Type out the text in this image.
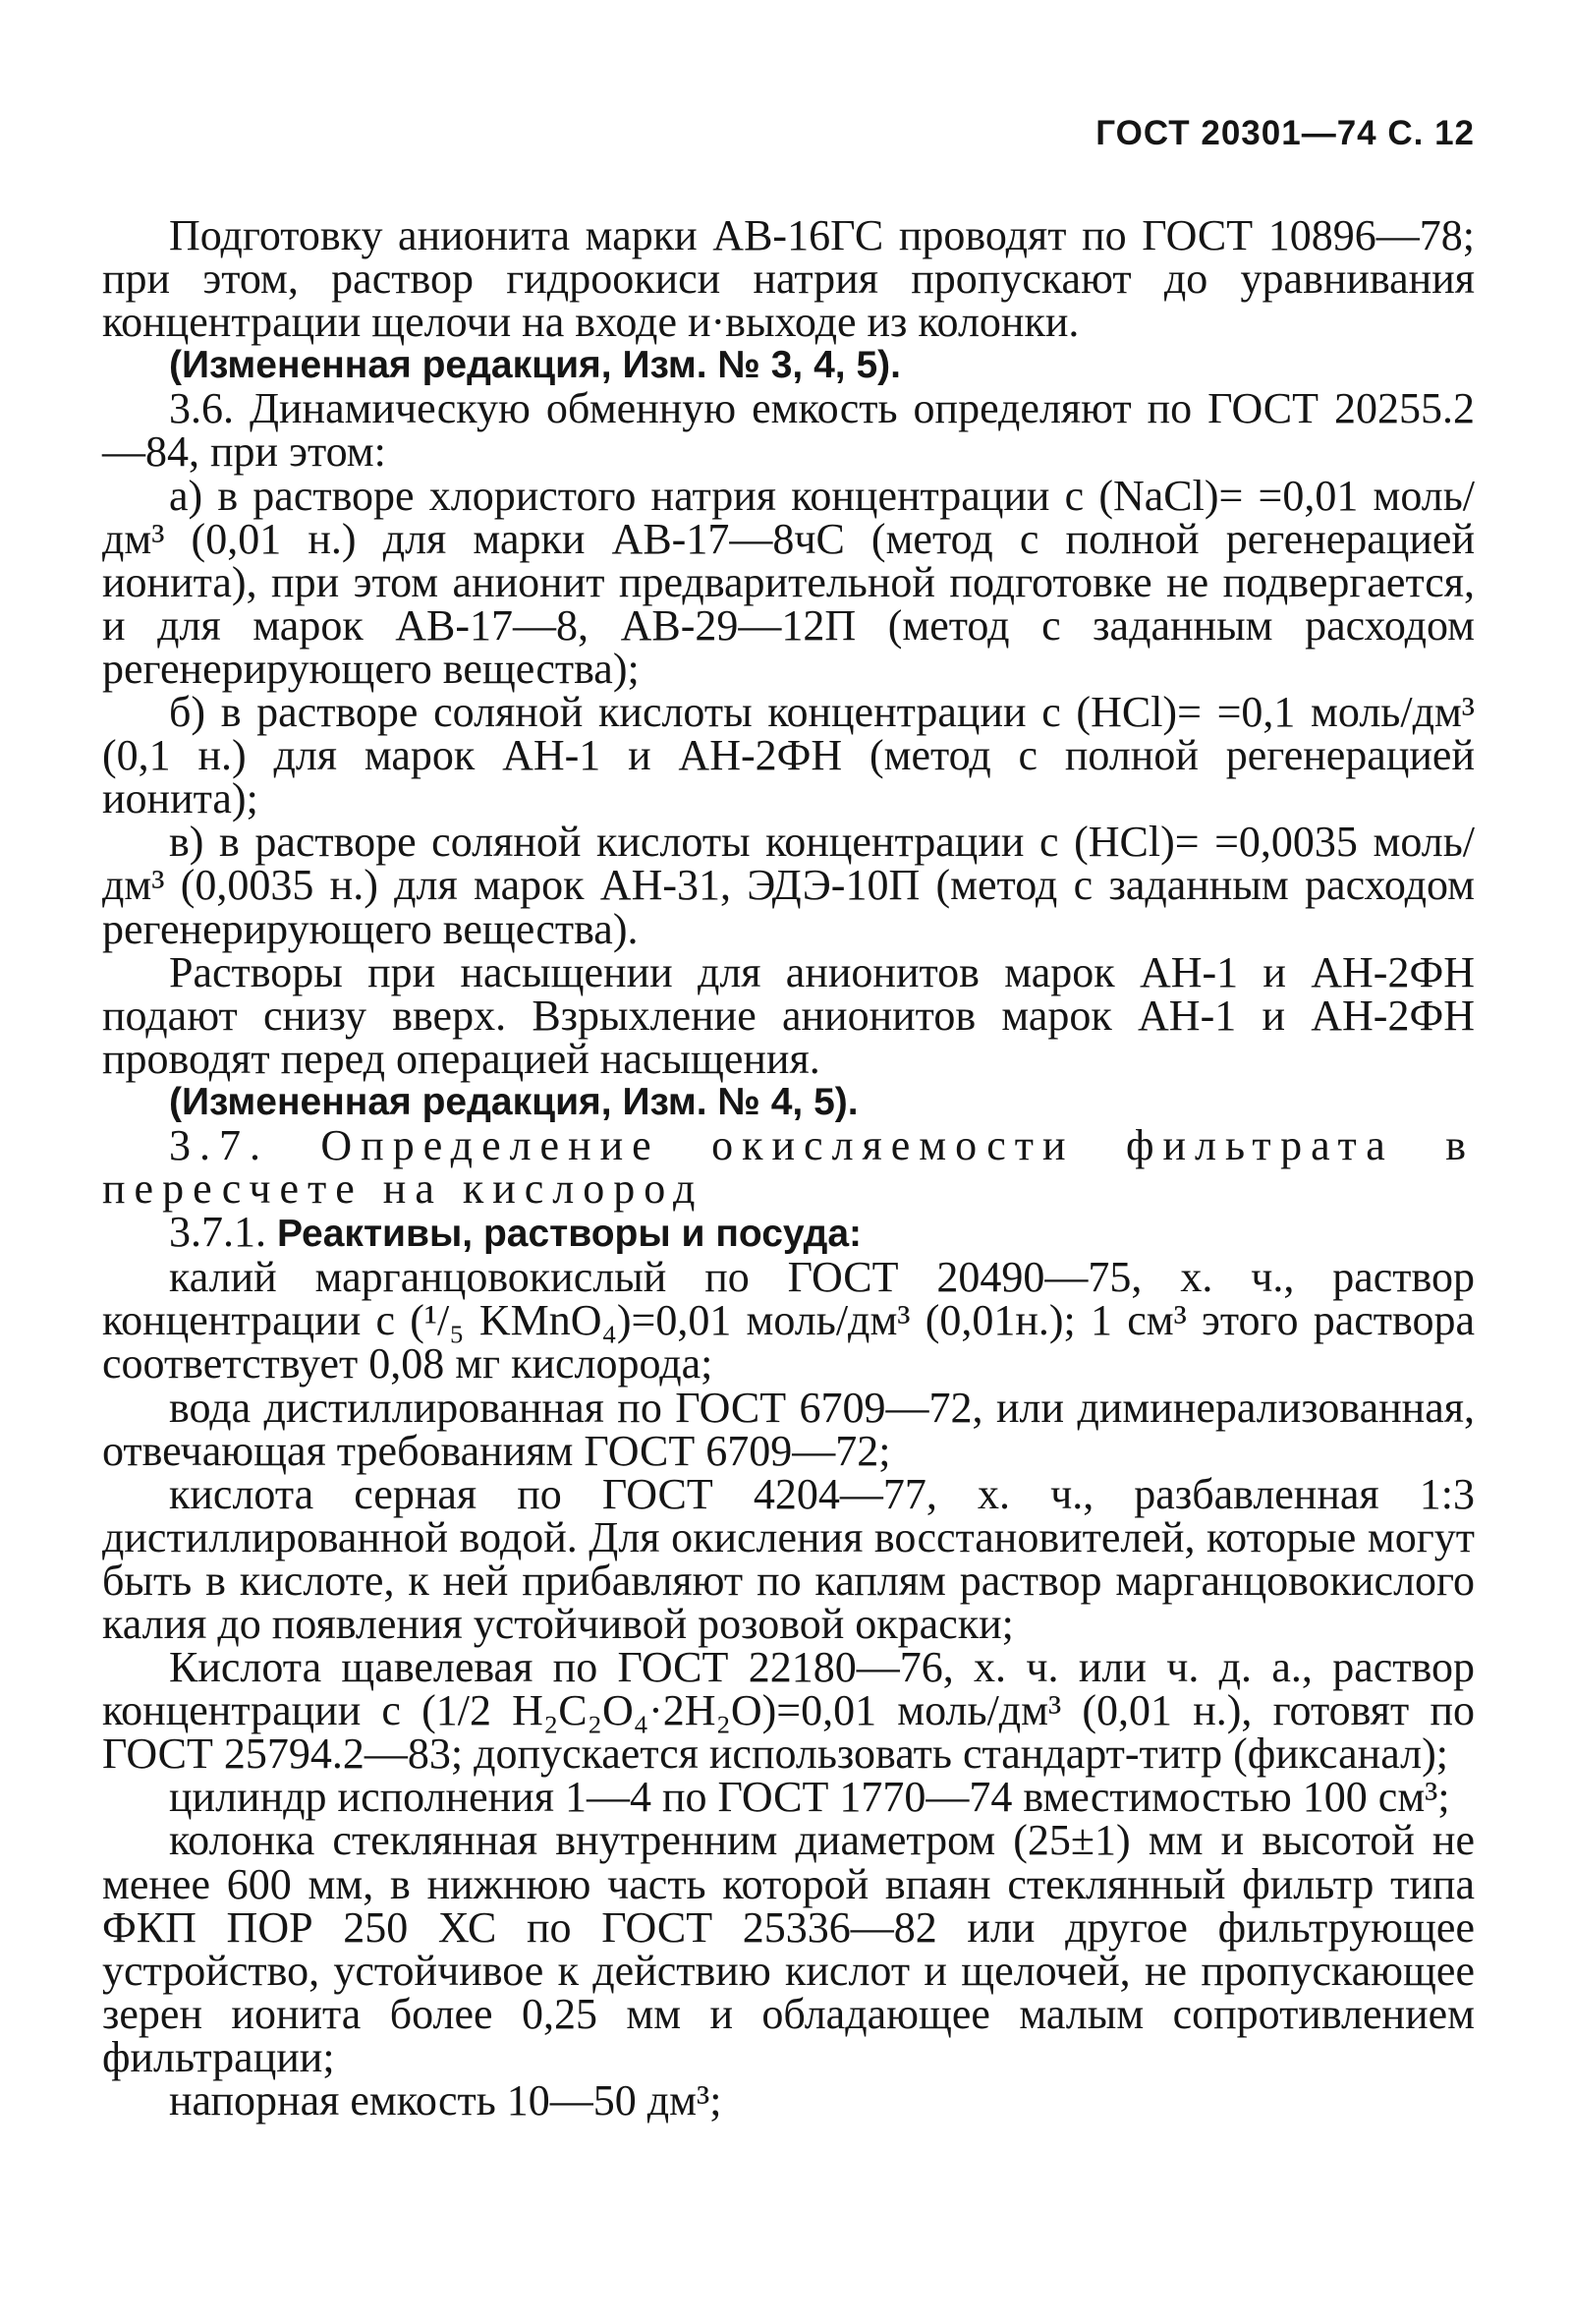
ГОСТ 20301—74 С. 12

Подготовку анионита марки АВ-16ГС проводят по ГОСТ 10896—78; при этом, раствор гидроокиси натрия пропускают до уравнивания концентрации щелочи на входе и·выходе из колонки.

(Измененная редакция, Изм. № 3, 4, 5).

3.6. Динамическую обменную емкость определяют по ГОСТ 20255.2—84, при этом:

а) в растворе хлористого натрия концентрации c (NaCl)= =0,01 моль/дм³ (0,01 н.) для марки АВ-17—8чС (метод с полной регенерацией ионита), при этом анионит предварительной подготовке не подвергается, и для марок АВ-17—8, АВ-29—12П (метод с заданным расходом регенерирующего вещества);

б) в растворе соляной кислоты концентрации c (HCl)= =0,1 моль/дм³ (0,1 н.) для марок АН-1 и АН-2ФН (метод с полной регенерацией ионита);

в) в растворе соляной кислоты концентрации c (HCl)= =0,0035 моль/дм³ (0,0035 н.) для марок АН-31, ЭДЭ-10П (метод с заданным расходом регенерирующего вещества).

Растворы при насыщении для анионитов марок АН-1 и АН-2ФН подают снизу вверх. Взрыхление анионитов марок АН-1 и АН-2ФН проводят перед операцией насыщения.

(Измененная редакция, Изм. № 4, 5).

3.7. Определение окисляемости фильтрата в пересчете на кислород

3.7.1. Реактивы, растворы и посуда:

калий марганцовокислый по ГОСТ 20490—75, х. ч., раствор концентрации c (¹/₅ KMnO₄)=0,01 моль/дм³ (0,01н.); 1 см³ этого раствора соответствует 0,08 мг кислорода;

вода дистиллированная по ГОСТ 6709—72, или диминерализованная, отвечающая требованиям ГОСТ 6709—72;

кислота серная по ГОСТ 4204—77, х. ч., разбавленная 1:3 дистиллированной водой. Для окисления восстановителей, которые могут быть в кислоте, к ней прибавляют по каплям раствор марганцовокислого калия до появления устойчивой розовой окраски;

Кислота щавелевая по ГОСТ 22180—76, х. ч. или ч. д. а., раствор концентрации c (1/2 H₂C₂O₄·2H₂O)=0,01 моль/дм³ (0,01 н.), готовят по ГОСТ 25794.2—83; допускается использовать стандарт-титр (фиксанал);

цилиндр исполнения 1—4 по ГОСТ 1770—74 вместимостью 100 см³;

колонка стеклянная внутренним диаметром (25±1) мм и высотой не менее 600 мм, в нижнюю часть которой впаян стеклянный фильтр типа ФКП ПОР 250 ХС по ГОСТ 25336—82 или другое фильтрующее устройство, устойчивое к действию кислот и щелочей, не пропускающее зерен ионита более 0,25 мм и обладающее малым сопротивлением фильтрации;

напорная емкость 10—50 дм³;
